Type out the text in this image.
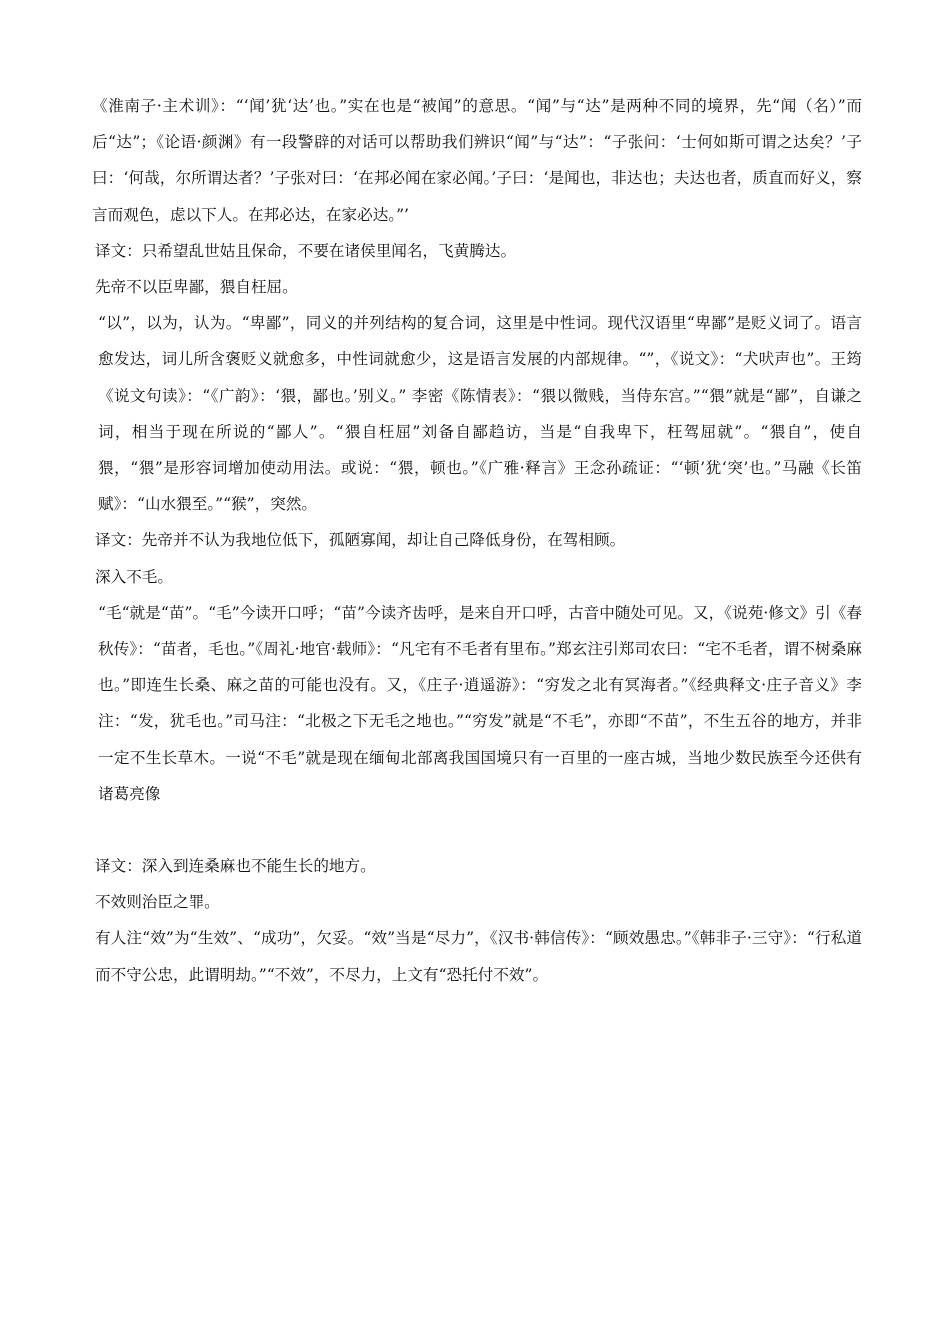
《淮南子·主术训》：“‘闻’犹‘达’也。”实在也是“被闻”的意思。“闻”与“达”是两种不同的境界，先“闻（名）”而后“达”；《论语·颜渊》有一段警辟的对话可以帮助我们辨识“闻”与“达”：“子张问：‘士何如斯可谓之达矣？’子曰：‘何哉，尔所谓达者？’子张对曰：‘在邦必闻在家必闻。’子曰：‘是闻也，非达也；夫达也者，质直而好义，察言而观色，虑以下人。在邦必达，在家必达。”’

译文：只希望乱世姑且保命，不要在诸侯里闻名，飞黄腾达。

先帝不以臣卑鄙，猥自枉屈。

“以”，以为，认为。“卑鄙”，同义的并列结构的复合词，这里是中性词。现代汉语里“卑鄙”是贬义词了。语言愈发达，词儿所含褒贬义就愈多，中性词就愈少，这是语言发展的内部规律。“”，《说文》：“犬吠声也”。王筠《说文句读》：“《广韵》：‘猥，鄙也。’别义。” 李密《陈情表》：“猥以微贱，当侍东宫。”“猥”就是“鄙”，自谦之词，相当于现在所说的“鄙人”。“猥自枉屈”刘备自鄙趋访，当是“自我卑下，枉驾屈就”。“猥自”，使自猥，“猥”是形容词增加使动用法。或说：“猥，顿也。”《广雅·释言》王念孙疏证：“‘顿’犹‘突’也。”马融《长笛赋》：“山水猥至。”“猴”，突然。

译文：先帝并不认为我地位低下，孤陋寡闻，却让自己降低身份，在驾相顾。

深入不毛。

“毛“就是“苗”。“毛”今读开口呼；“苗”今读齐齿呼，是来自开口呼，古音中随处可见。又，《说苑·修文》引《春秋传》：“苗者，毛也。”《周礼·地官·载师》：“凡宅有不毛者有里布。”郑玄注引郑司农曰：“宅不毛者，谓不树桑麻也。”即连生长桑、麻之苗的可能也没有。又，《庄子·逍遥游》：“穷发之北有冥海者。”《经典释文·庄子音义》李注：“发，犹毛也。”司马注：“北极之下无毛之地也。”“穷发”就是“不毛”，亦即“不苗”，不生五谷的地方，并非一定不生长草木。一说“不毛”就是现在缅甸北部离我国国境只有一百里的一座古城，当地少数民族至今还供有诸葛亮像

译文：深入到连桑麻也不能生长的地方。

不效则治臣之罪。

有人注“效”为“生效”、“成功”，欠妥。“效”当是“尽力”，《汉书·韩信传》：“顾效愚忠。”《韩非子·三守》：“行私道而不守公忠，此谓明劫。”“不效”，不尽力，上文有“恐托付不效”。
